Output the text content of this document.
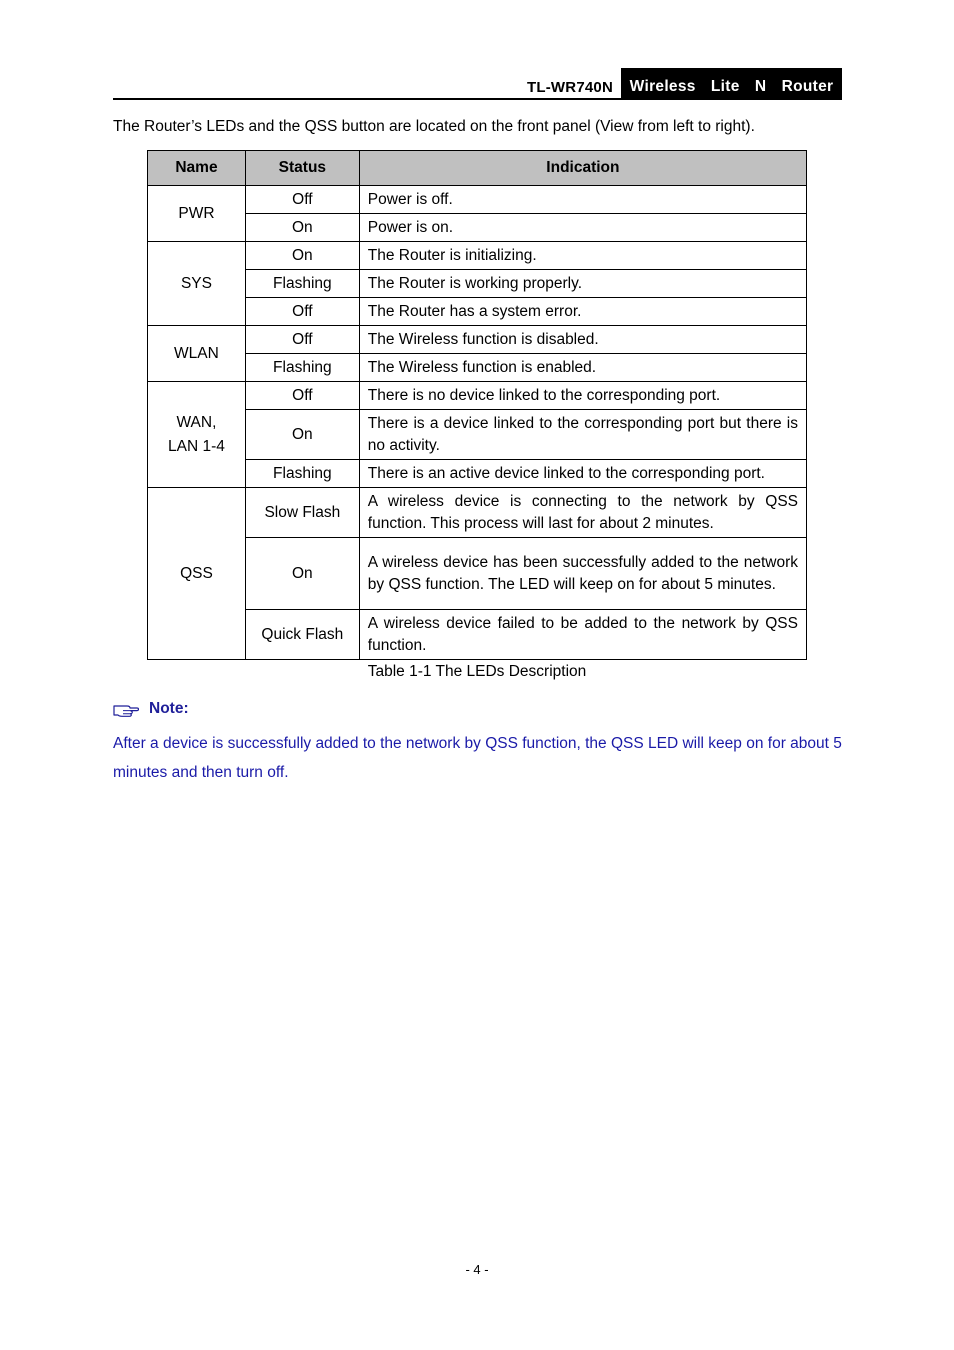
TL-WR740N	Wireless  Lite  N  Router
The Router’s LEDs and the QSS button are located on the front panel (View from left to right).
Name	Status	Indication
PWR	Off	Power is off.
	On	Power is on.
SYS	On	The Router is initializing.
	Flashing	The Router is working properly.
	Off	The Router has a system error.
WLAN	Off	The Wireless function is disabled.
	Flashing	The Wireless function is enabled.

WAN,
LAN 1-4	Off	There is no device linked to the corresponding port.
	On	There is a device linked to the corresponding port but there is no activity.
	Flashing	There is an active device linked to the corresponding port.
QSS	Slow Flash	A wireless device is connecting to the network by QSS function. This process will last for about 2 minutes.
	On	A wireless device has been successfully added to the network by QSS function. The LED will keep on for about 5 minutes.
	Quick Flash	A wireless device failed to be added to the network by QSS function.
Table 1-1 The LEDs Description
Note:
After a device is successfully added to the network by QSS function, the QSS LED will keep on for about 5 minutes and then turn off.
- 4 -
